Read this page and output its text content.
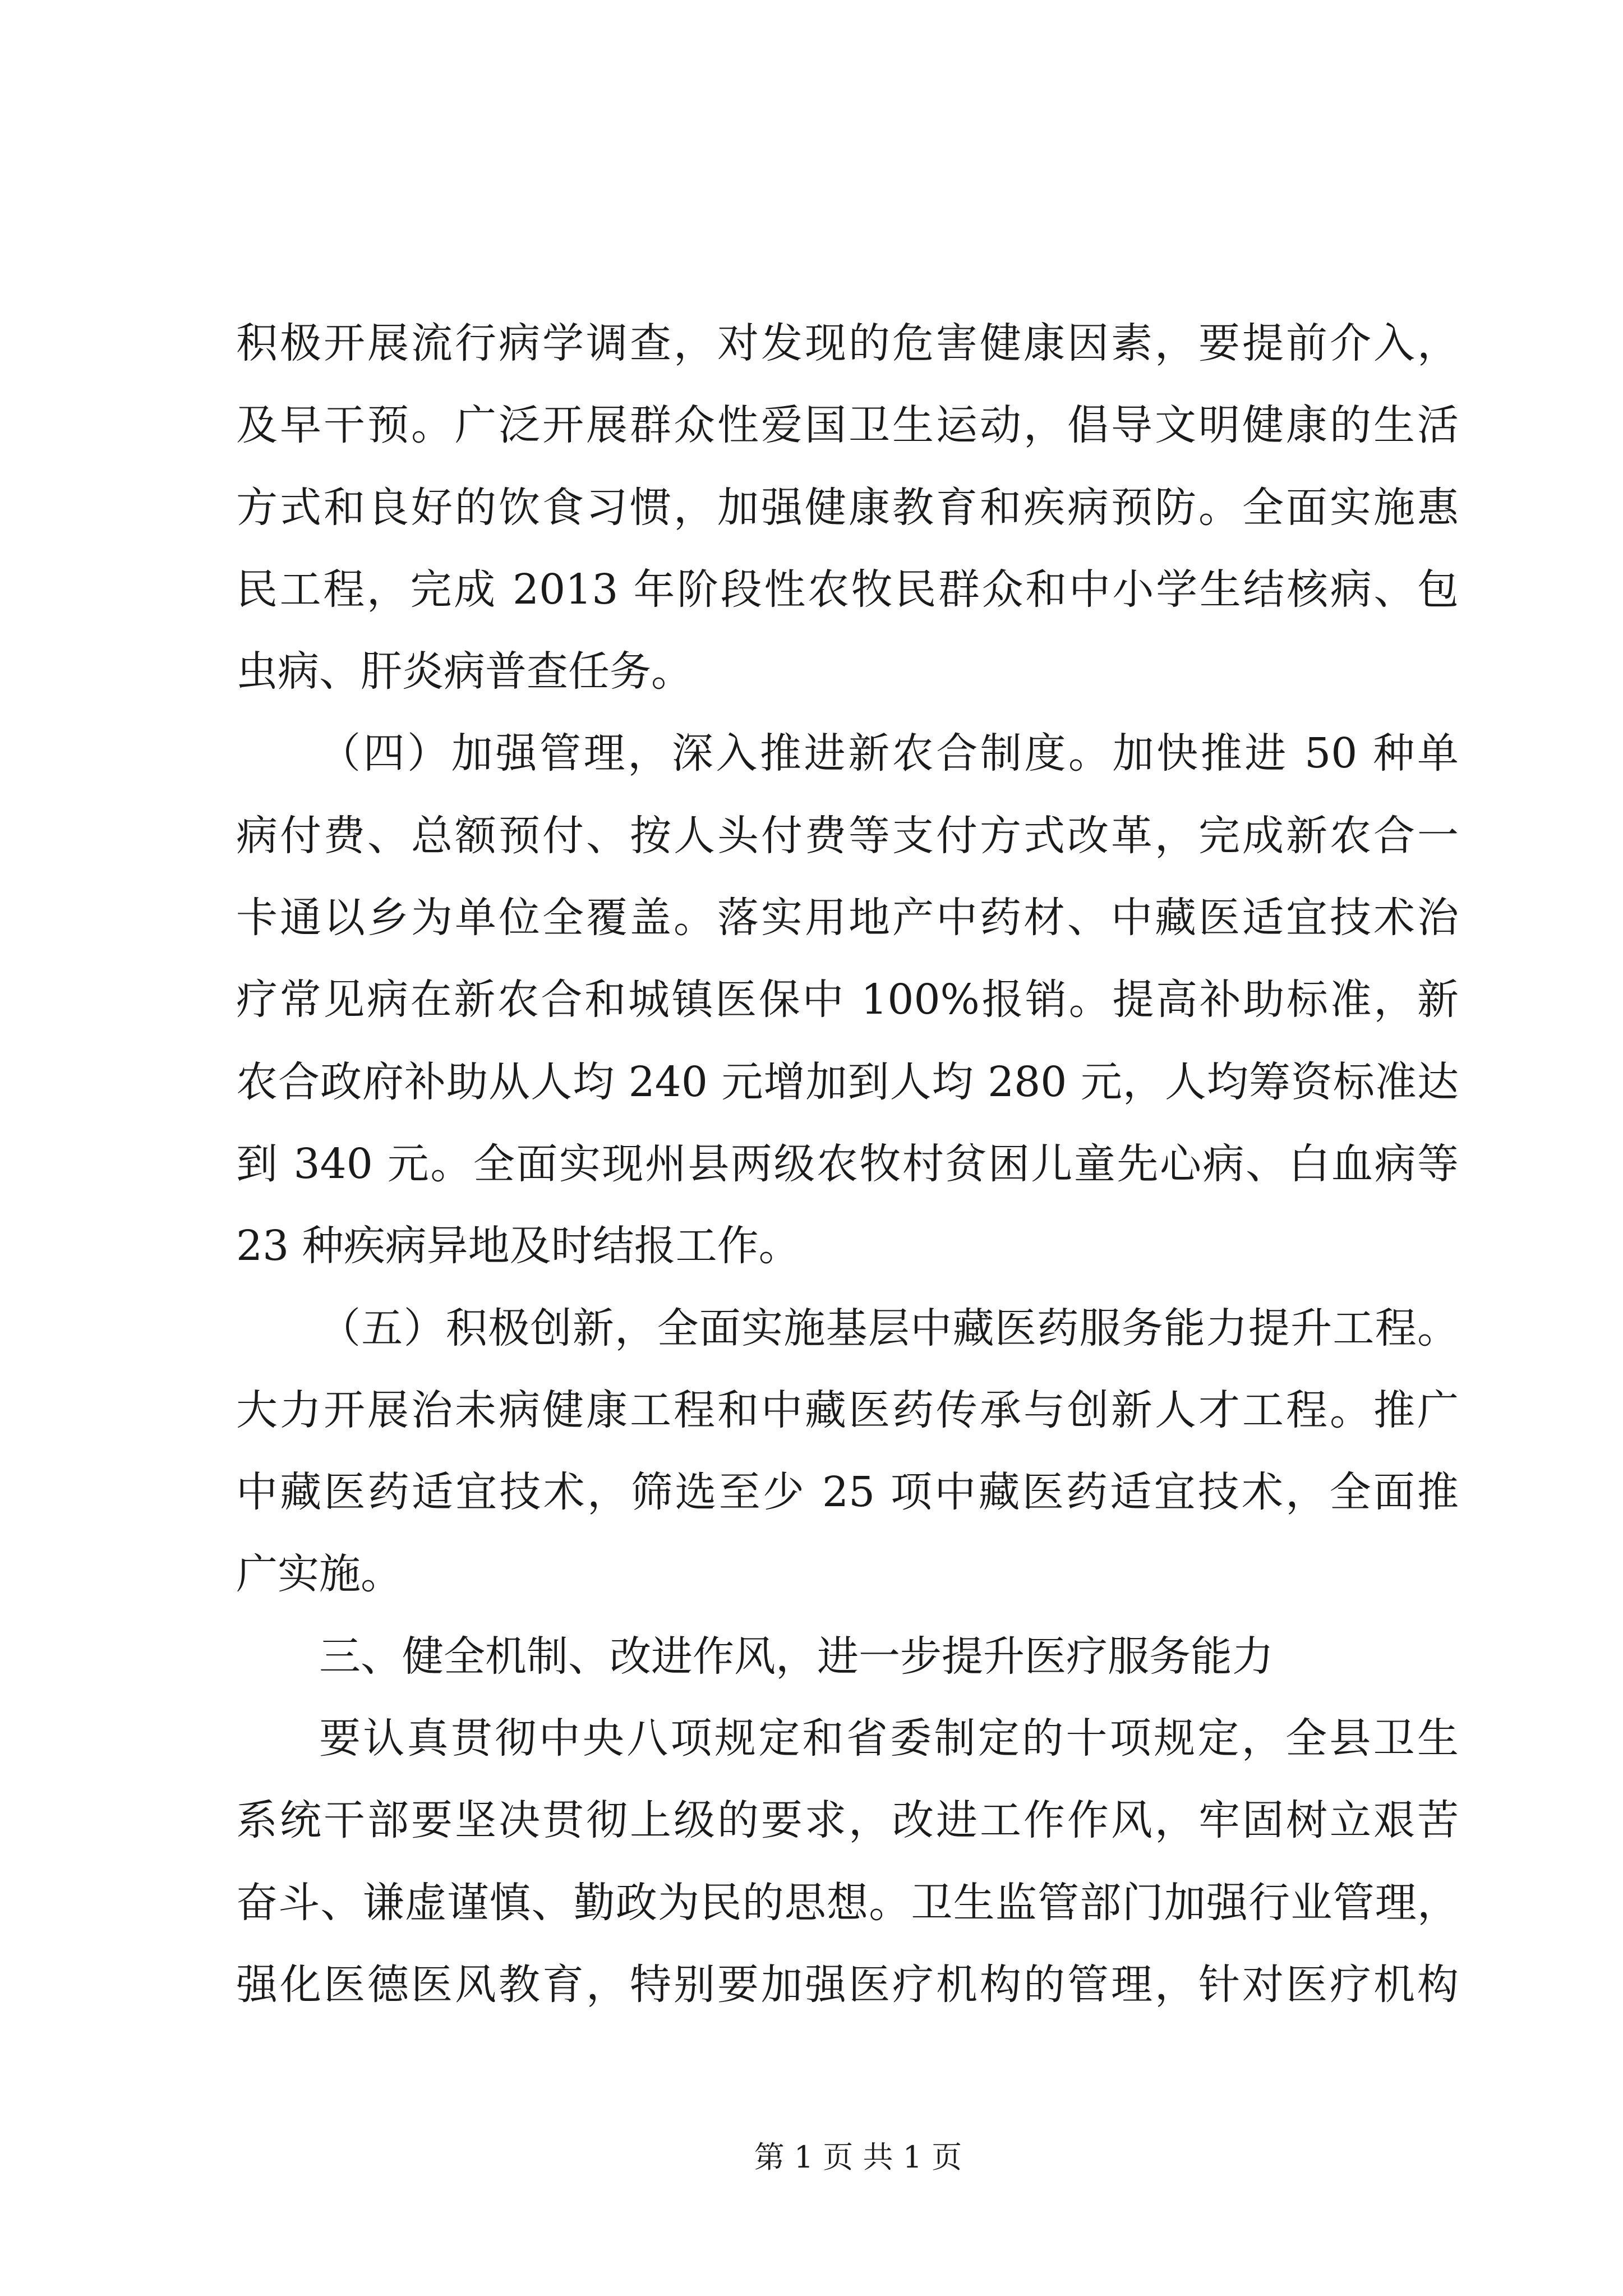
积极开展流行病学调查，对发现的危害健康因素，要提前介入，
及早干预。广泛开展群众性爱国卫生运动，倡导文明健康的生活
方式和良好的饮食习惯，加强健康教育和疾病预防。全面实施惠
民工程，完成 2013 年阶段性农牧民群众和中小学生结核病、包
虫病、肝炎病普查任务。
（四）加强管理，深入推进新农合制度。加快推进 50 种单
病付费、总额预付、按人头付费等支付方式改革，完成新农合一
卡通以乡为单位全覆盖。落实用地产中药材、中藏医适宜技术治
疗常见病在新农合和城镇医保中 100%报销。提高补助标准，新
农合政府补助从人均 240 元增加到人均 280 元，人均筹资标准达
到 340 元。全面实现州县两级农牧村贫困儿童先心病、白血病等
23 种疾病异地及时结报工作。
（五）积极创新，全面实施基层中藏医药服务能力提升工程。
大力开展治未病健康工程和中藏医药传承与创新人才工程。推广
中藏医药适宜技术，筛选至少 25 项中藏医药适宜技术，全面推
广实施。
三、健全机制、改进作风，进一步提升医疗服务能力
要认真贯彻中央八项规定和省委制定的十项规定，全县卫生
系统干部要坚决贯彻上级的要求，改进工作作风，牢固树立艰苦
奋斗、谦虚谨慎、勤政为民的思想。卫生监管部门加强行业管理，
强化医德医风教育，特别要加强医疗机构的管理，针对医疗机构
第 1 页 共 1 页
